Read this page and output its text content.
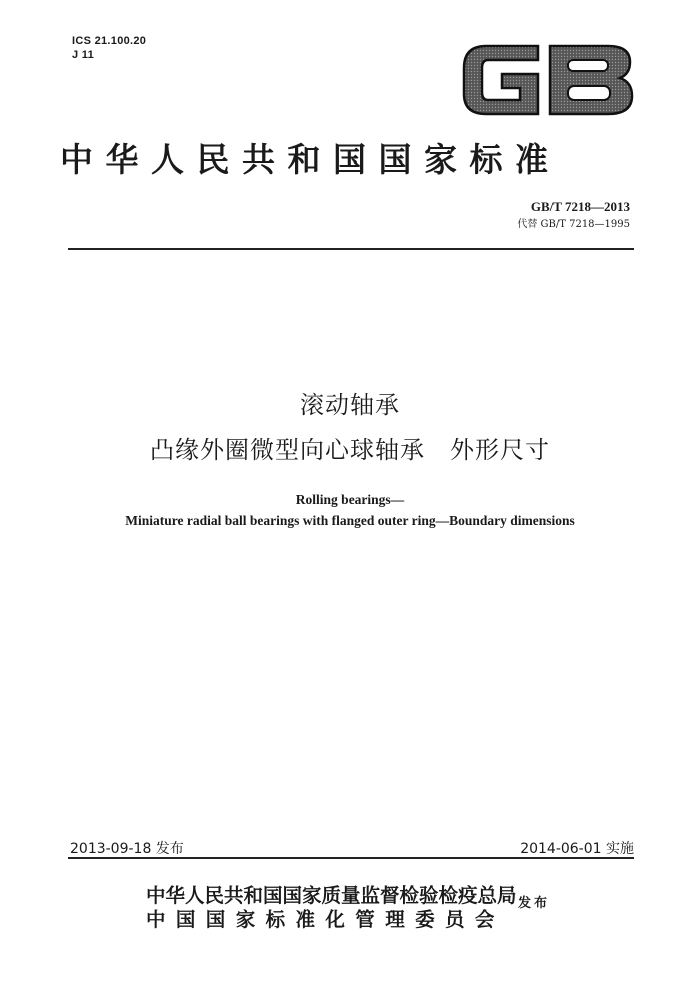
ICS 21.100.20
J 11
中华人民共和国国家标准
GB/T 7218—2013
代替 GB/T 7218—1995
滚动轴承
凸缘外圈微型向心球轴承　外形尺寸
Rolling bearings—
Miniature radial ball bearings with flanged outer ring—Boundary dimensions
2013-09-18 发布	2014-06-01 实施
中华人民共和国国家质量监督检验检疫总局
中国国家标准化管理委员会
发布
